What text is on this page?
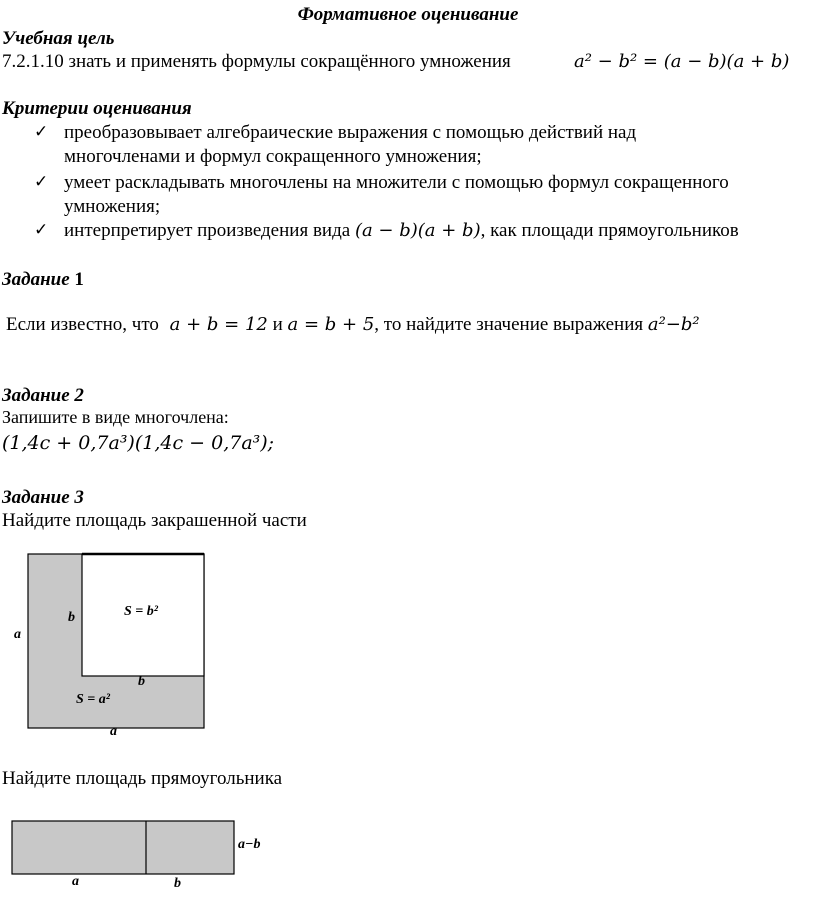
Формативное оценивание
Учебная цель
7.2.1.10 знать и применять формулы сокращённого умножения	a² − b² = (a − b)(a + b)
Критерии оценивания
✓ преобразовывает алгебраические выражения с помощью действий над
многочленами и формул сокращенного умножения;
✓ умеет раскладывать многочлены на множители с помощью формул сокращенного
умножения;
✓ интерпретирует произведения вида (a − b)(a + b), как площади прямоугольников
Задание 1
Если известно, что a + b = 12 и a = b + 5, то найдите значение выражения a²−b²
Задание 2
Запишите в виде многочлена:
(1,4c + 0,7a³)(1,4c − 0,7a³);
Задание 3
Найдите площадь закрашенной части
a
b	S = b²
b
S = a²
a
Найдите площадь прямоугольника
a−b
a	b
